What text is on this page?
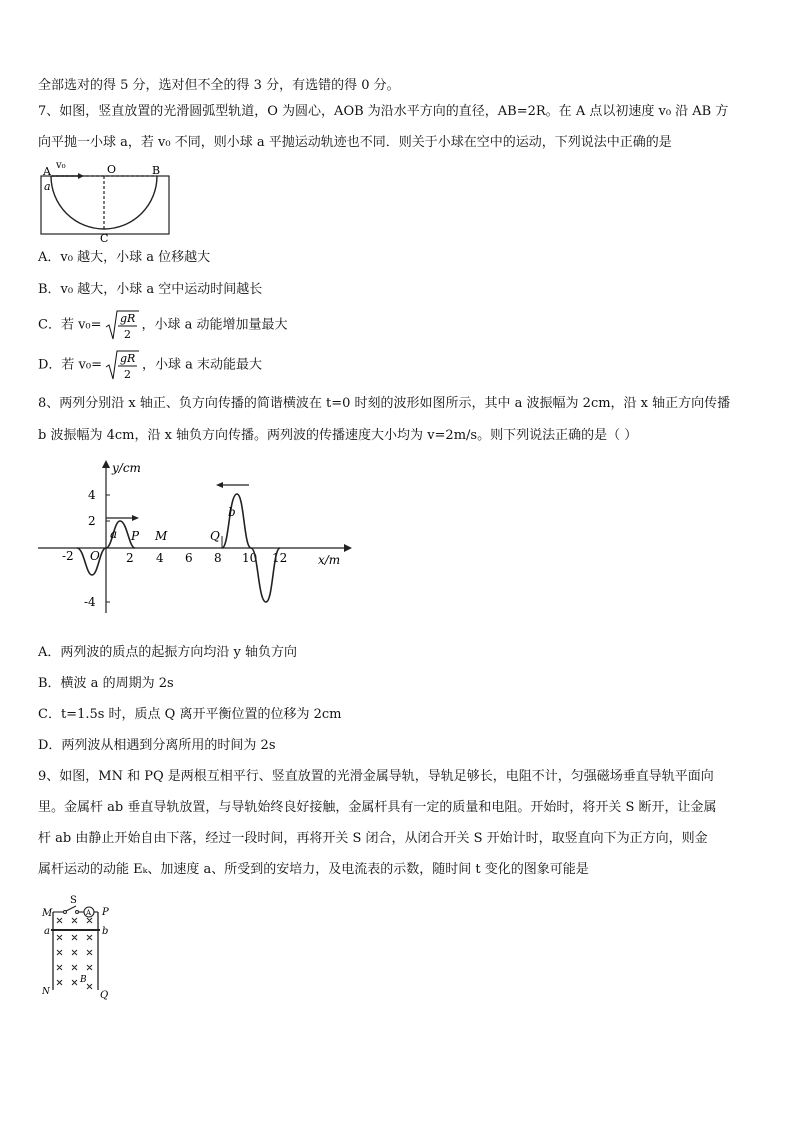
全部选对的得 5 分，选对但不全的得 3 分，有选错的得 0 分。
7、如图，竖直放置的光滑圆弧型轨道，O 为圆心，AOB 为沿水平方向的直径，AB=2R。在 A 点以初速度 v₀ 沿 AB 方
向平抛一小球 a，若 v₀ 不同，则小球 a 平抛运动轨迹也不同．则关于小球在空中的运动，下列说法中正确的是
v₀
A	O	B
a
C
A．v₀ 越大，小球 a 位移越大
B．v₀ 越大，小球 a 空中运动时间越长
C．若 v₀= gR
2
，小球 a 动能增加量最大
D．若 v₀= gR
2
，小球 a 末动能最大
8、两列分别沿 x 轴正、负方向传播的简谐横波在 t=0 时刻的波形如图所示，其中 a 波振幅为 2cm，沿 x 轴正方向传播
b 波振幅为 4cm，沿 x 轴负方向传播。两列波的传播速度大小均为 v=2m/s。则下列说法正确的是（ ）
y/cm
x/m
4
2
-4
-2 O 2 4 6 8 10 12
a
b
P M	Q
A．两列波的质点的起振方向均沿 y 轴负方向
B．横波 a 的周期为 2s
C．t=1.5s 时，质点 Q 离开平衡位置的位移为 2cm
D．两列波从相遇到分离所用的时间为 2s
9、如图，MN 和 PQ 是两根互相平行、竖直放置的光滑金属导轨，导轨足够长，电阻不计，匀强磁场垂直导轨平面向
里。金属杆 ab 垂直导轨放置，与导轨始终良好接触，金属杆具有一定的质量和电阻。开始时，将开关 S 断开，让金属
杆 ab 由静止开始自由下落，经过一段时间，再将开关 S 闭合，从闭合开关 S 开始计时，取竖直向下为正方向，则金
属杆运动的动能 Eₖ、加速度 a、所受到的安培力，及电流表的示数，随时间 t 变化的图象可能是
A
S
M	P
a	b
N	Q
B
